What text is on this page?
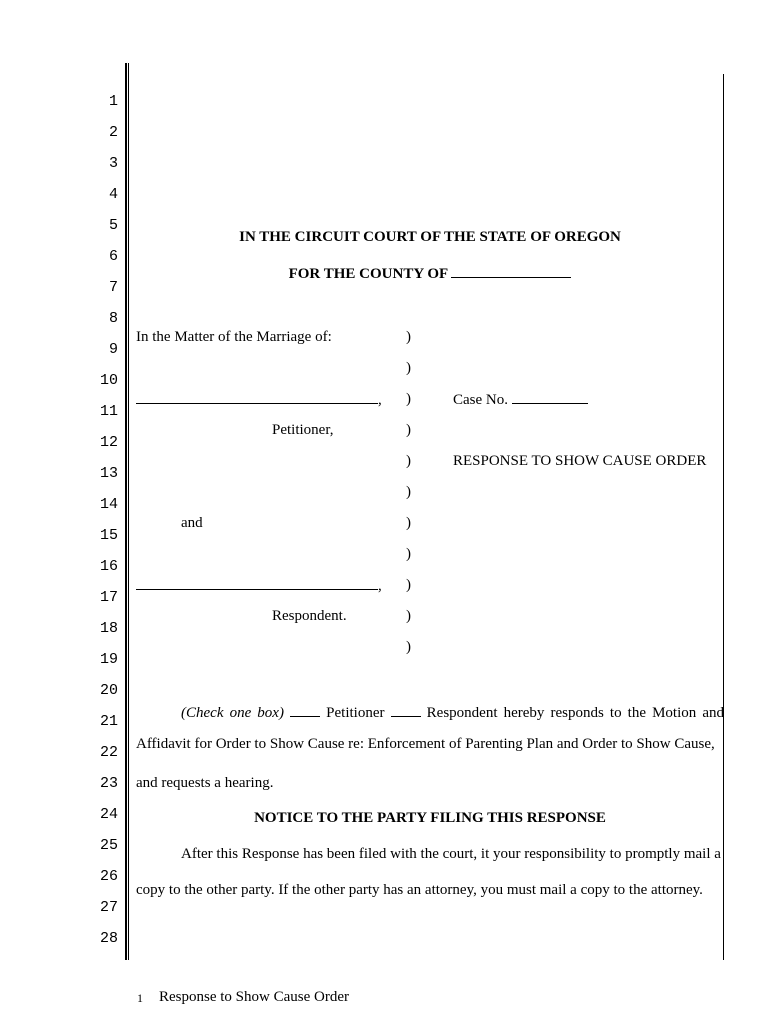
1
2
3
4
5
6
7
8
9
10
11
12
13
14
15
16
17
18
19
20
21
22
23
24
25
26
27
28
IN THE CIRCUIT COURT OF THE STATE OF OREGON
FOR THE COUNTY OF
In the Matter of the Marriage of:
,
Petitioner,
and
,
Respondent.
)
)
)
)
)
)
)
)
)
)
)
Case No.
RESPONSE TO SHOW CAUSE ORDER
(Check one box)	Petitioner	Respondent hereby responds to the Motion and
Affidavit for Order to Show Cause re: Enforcement of Parenting Plan and Order to Show Cause,
and requests a hearing.
NOTICE TO THE PARTY FILING THIS RESPONSE
After this Response has been filed with the court, it your responsibility to promptly mail a
copy to the other party. If the other party has an attorney, you must mail a copy to the attorney.
1 Response to Show Cause Order
